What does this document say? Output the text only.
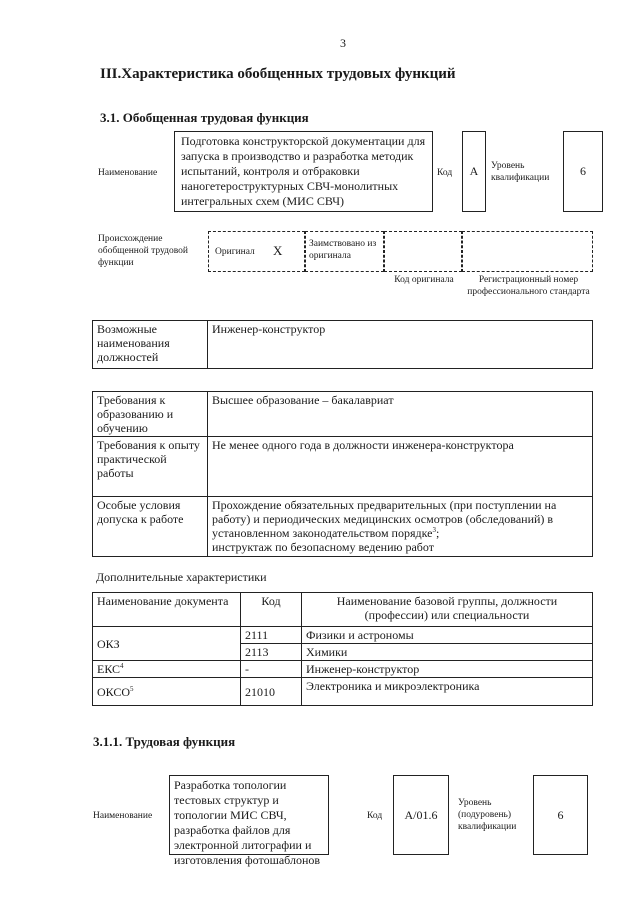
3
III.Характеристика обобщенных трудовых функций
3.1. Обобщенная трудовая функция
Наименование
Подготовка конструкторской документации для запуска в производство и разработка методик испытаний, контроля и отбраковки наногетероструктурных СВЧ-монолитных интегральных схем (МИС СВЧ)
Код А Уровень квалификации	6
Происхождение обобщенной трудовой функции
Оригинал X	Заимствовано из оригинала
Код оригинала	Регистрационный номер профессионального стандарта
Возможные наименования должностей	Инженер-конструктор
Требования к образованию и обучению	Высшее образование – бакалавриат
Требования к опыту практической работы	Не менее одного года в должности инженера-конструктора
Особые условия допуска к работе	Прохождение обязательных предварительных (при поступлении на работу) и периодических медицинских осмотров (обследований) в установленном законодательством порядке$^3$;
инструктаж по безопасному ведению работ
Дополнительные характеристики
Наименование документа	Код	Наименование базовой группы, должности (профессии) или специальности
ОКЗ	2111	Физики и астрономы
	2113	Химики
ЕКС$^4$	-	Инженер-конструктор
ОКСО$^5$	21010	Электроника и микроэлектроника
3.1.1. Трудовая функция
Наименование
Разработка топологии тестовых структур и топологии МИС СВЧ, разработка файлов для электронной литографии и изготовления фотошаблонов
Код А/01.6
Уровень (подуровень) квалификации
6
